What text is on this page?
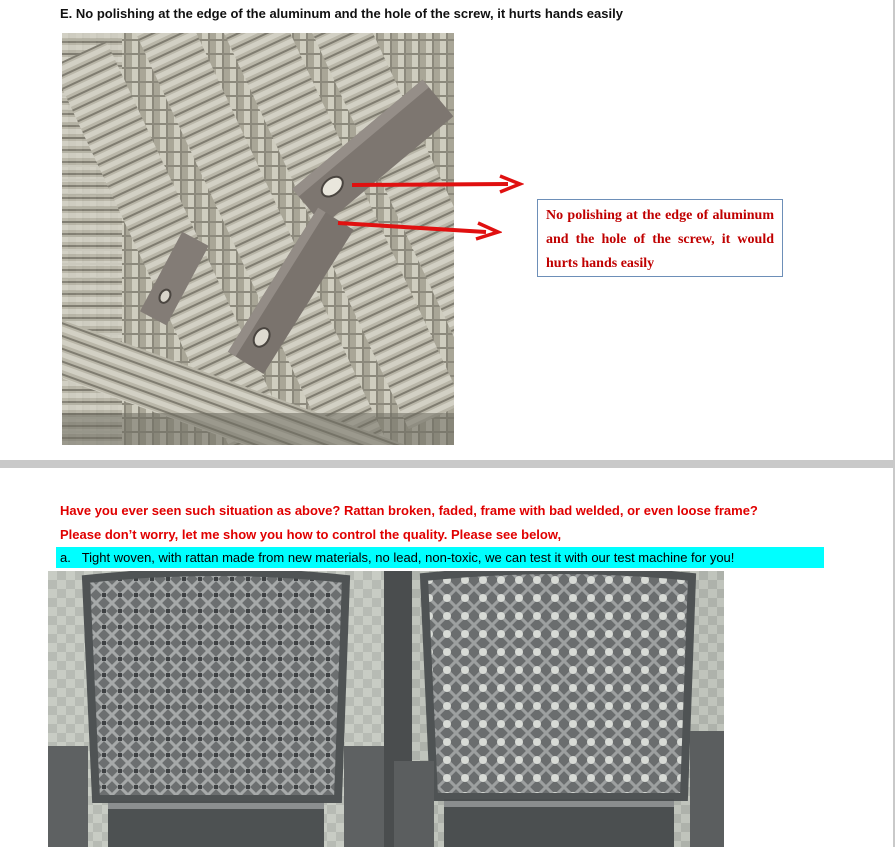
E. No polishing at the edge of the aluminum and the hole of the screw, it hurts hands easily
No polishing at the edge of aluminum and the hole of the screw, it would hurts hands easily
Have you ever seen such situation as above? Rattan broken, faded, frame with bad welded, or even loose frame?
Please don’t worry, let me show you how to control the quality. Please see below,
a. Tight woven, with rattan made from new materials, no lead, non-toxic, we can test it with our test machine for you!
